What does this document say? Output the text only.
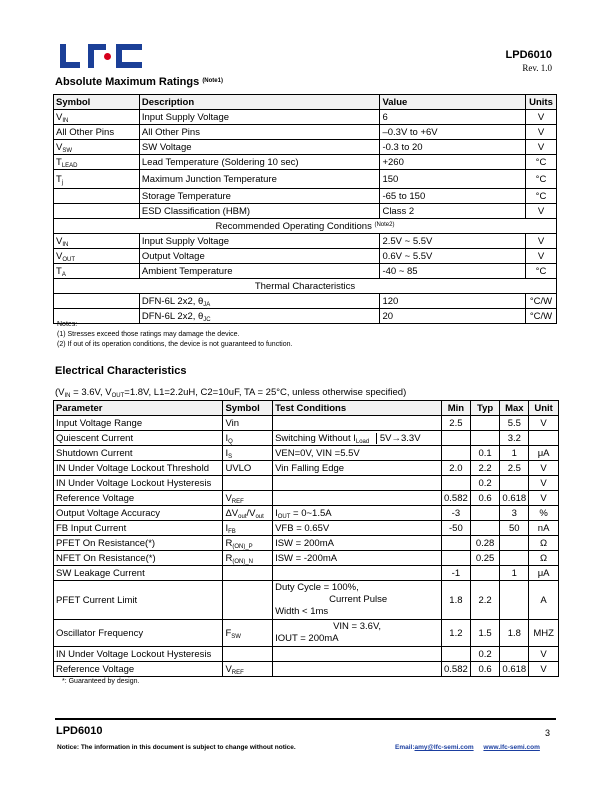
LPD6010
Rev. 1.0
Absolute Maximum Ratings $^{(Note1)}$
Symbol	Description	Value	Units
$V_{IN}$	Input Supply Voltage	6	V
All Other Pins	All Other Pins	–0.3V to +6V	V
$V_{SW}$	SW Voltage	-0.3 to 20	V
$T_{LEAD}$	Lead Temperature (Soldering 10 sec)	+260	°C
$T_j$	Maximum Junction Temperature	150	°C
	Storage Temperature	-65 to 150	°C
	ESD Classification (HBM)	Class 2	V
Recommended Operating Conditions $^{(Note2)}$
$V_{IN}$	Input Supply Voltage	2.5V ~ 5.5V	V
$V_{OUT}$	Output Voltage	0.6V ~ 5.5V	V
$T_A$	Ambient Temperature	-40 ~ 85	°C
Thermal Characteristics			
	DFN-6L 2x2, $\theta_{JA}$	120	°C/W
	DFN-6L 2x2, $\theta_{JC}$	20	°C/W
Notes:
(1) Stresses exceed those ratings may damage the device.
(2) If out of its operation conditions, the device is not guaranteed to function.
Electrical Characteristics
($V_{IN} = 3.6V$, $V_{OUT}=1.8V$, L1=2.2uH, C2=10uF, TA = 25°C, unless otherwise specified)
Parameter	Symbol	Test Conditions	Min	Typ	Max	Unit
Input Voltage Range	Vin		2.5		5.5	V
Quiescent Current	$I_Q$	Switching Without $I_{Load}$ 5V→3.3V			3.2	
Shutdown Current	$I_S$	VEN=0V, VIN =5.5V		0.1	1	μA
IN Under Voltage Lockout Threshold	UVLO	Vin Falling Edge	2.0	2.2	2.5	V
IN Under Voltage Lockout Hysteresis				0.2		V
Reference Voltage	$V_{REF}$		0.582	0.6	0.618	V
Output Voltage Accuracy	$\Delta V_{out}/V_{out}$	$I_{OUT}$ = 0~1.5A	-3		3	%
FB Input Current	$I_{FB}$	VFB = 0.65V	-50		50	nA
PFET On Resistance(*)	$R_{(ON)\_P}$	ISW = 200mA		0.28		Ω
NFET On Resistance(*)	$R_{(ON)\_N}$	ISW = -200mA		0.25		Ω
SW Leakage Current			-1		1	μA
PFET Current Limit		Duty Cycle = 100%,
Current Pulse
Width < 1ms	1.8	2.2		A
Oscillator Frequency	$F_{SW}$	VIN = 3.6V,
IOUT = 200mA	1.2	1.5	1.8	MHZ
IN Under Voltage Lockout Hysteresis				0.2		V
Reference Voltage	$V_{REF}$		0.582	0.6	0.618	V
*: Guaranteed by design.
LPD6010	3
Notice: The information in this document is subject to change without notice.	Email:amy@lfc-semi.com www.lfc-semi.com
